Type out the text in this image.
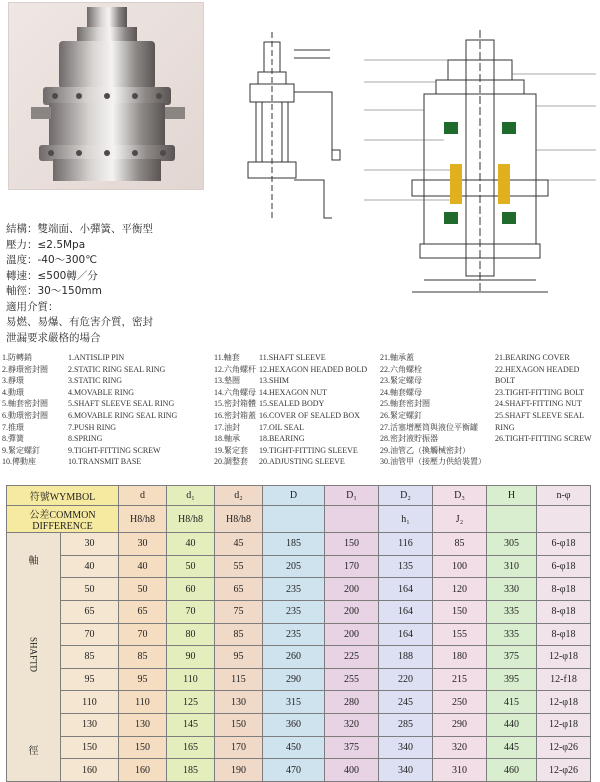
結構：雙端面、小彈簧、平衡型
壓力：≤2.5Mpa
溫度：-40～300℃
轉速：≤500轉／分
軸徑：30～150mm
適用介質：
易燃、易爆、有危害介質，密封
泄漏要求嚴格的場合
1.防轉銷
2.靜環密封圈
3.靜環
4.動環
5.軸套密封圈
6.動環密封圈
7.推環
8.彈簧
9.緊定螺釘
10.傳動座
1.ANTISLIP PIN
2.STATIC RING SEAL RING
3.STATIC RING
4.MOVABLE RING
5.SHAFT SLEEVE SEAL RING
6.MOVABLE RING SEAL RING
7.PUSH RING
8.SPRING
9.TIGHT-FITTING SCREW
10.TRANSMIT BASE
11.軸套
12.六角螺杆
13.墊圈
14.六角螺母
15.密封箱體
16.密封箱蓋
17.油封
18.軸承
19.緊定套
20.調整套
11.SHAFT SLEEVE
12.HEXAGON HEADED BOLD
13.SHIM
14.HEXAGON NUT
15.SEALED BODY
16.COVER OF SEALED BOX
17.OIL SEAL
18.BEARING
19.TIGHT-FITTING SLEEVE
20.ADJUSTING SLEEVE
21.軸承蓋
22.六角螺栓
23.緊定螺母
24.軸套螺母
25.軸套密封圈
26.緊定螺釘
27.活塞增壓筒與液位平衡罐
28.密封液貯振器
29.油管乙（換觸械密封）
30.油管甲（接壓力供給裝置）
21.BEARING COVER
22.HEXAGON HEADED BOLT
23.TIGHT-FITTING BOLT
24.SHAFT-FITTING NUT
25.SHAFT SLEEVE SEAL RING
26.TIGHT-FITTING SCREW
符號WYMBOL		d	d₁	d₂	D	D₁	D₂	D₃	H	n-φ
公差COMMON DIFFERENCE		H8/h8	H8/h8	H8/h8			h₁	J₂		

軸
SHAFTD
徑	30	30	40	45	185	150	116	85	305	6-φ18
	40	40	50	55	205	170	135	100	310	6-φ18
	50	50	60	65	235	200	164	120	330	8-φ18
	65	65	70	75	235	200	164	150	335	8-φ18
	70	70	80	85	235	200	164	155	335	8-φ18
	85	85	90	95	260	225	188	180	375	12-φ18
	95	95	110	115	290	255	220	215	395	12-f18
	110	110	125	130	315	280	245	250	415	12-φ18
	130	130	145	150	360	320	285	290	440	12-φ18
	150	150	165	170	450	375	340	320	445	12-φ26
	160	160	185	190	470	400	340	310	460	12-φ26
